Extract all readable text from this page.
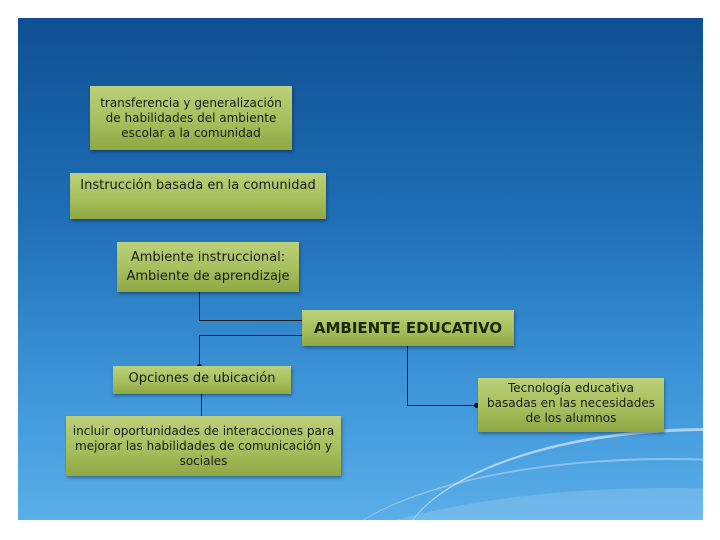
transferencia y generalización de habilidades del ambiente escolar a la comunidad
Instrucción basada en la comunidad
Ambiente instruccional:
Ambiente de aprendizaje
AMBIENTE EDUCATIVO
Opciones de ubicación
incluir oportunidades de interacciones para mejorar las habilidades de comunicación y sociales
Tecnología educativa basadas en las necesidades de los alumnos
